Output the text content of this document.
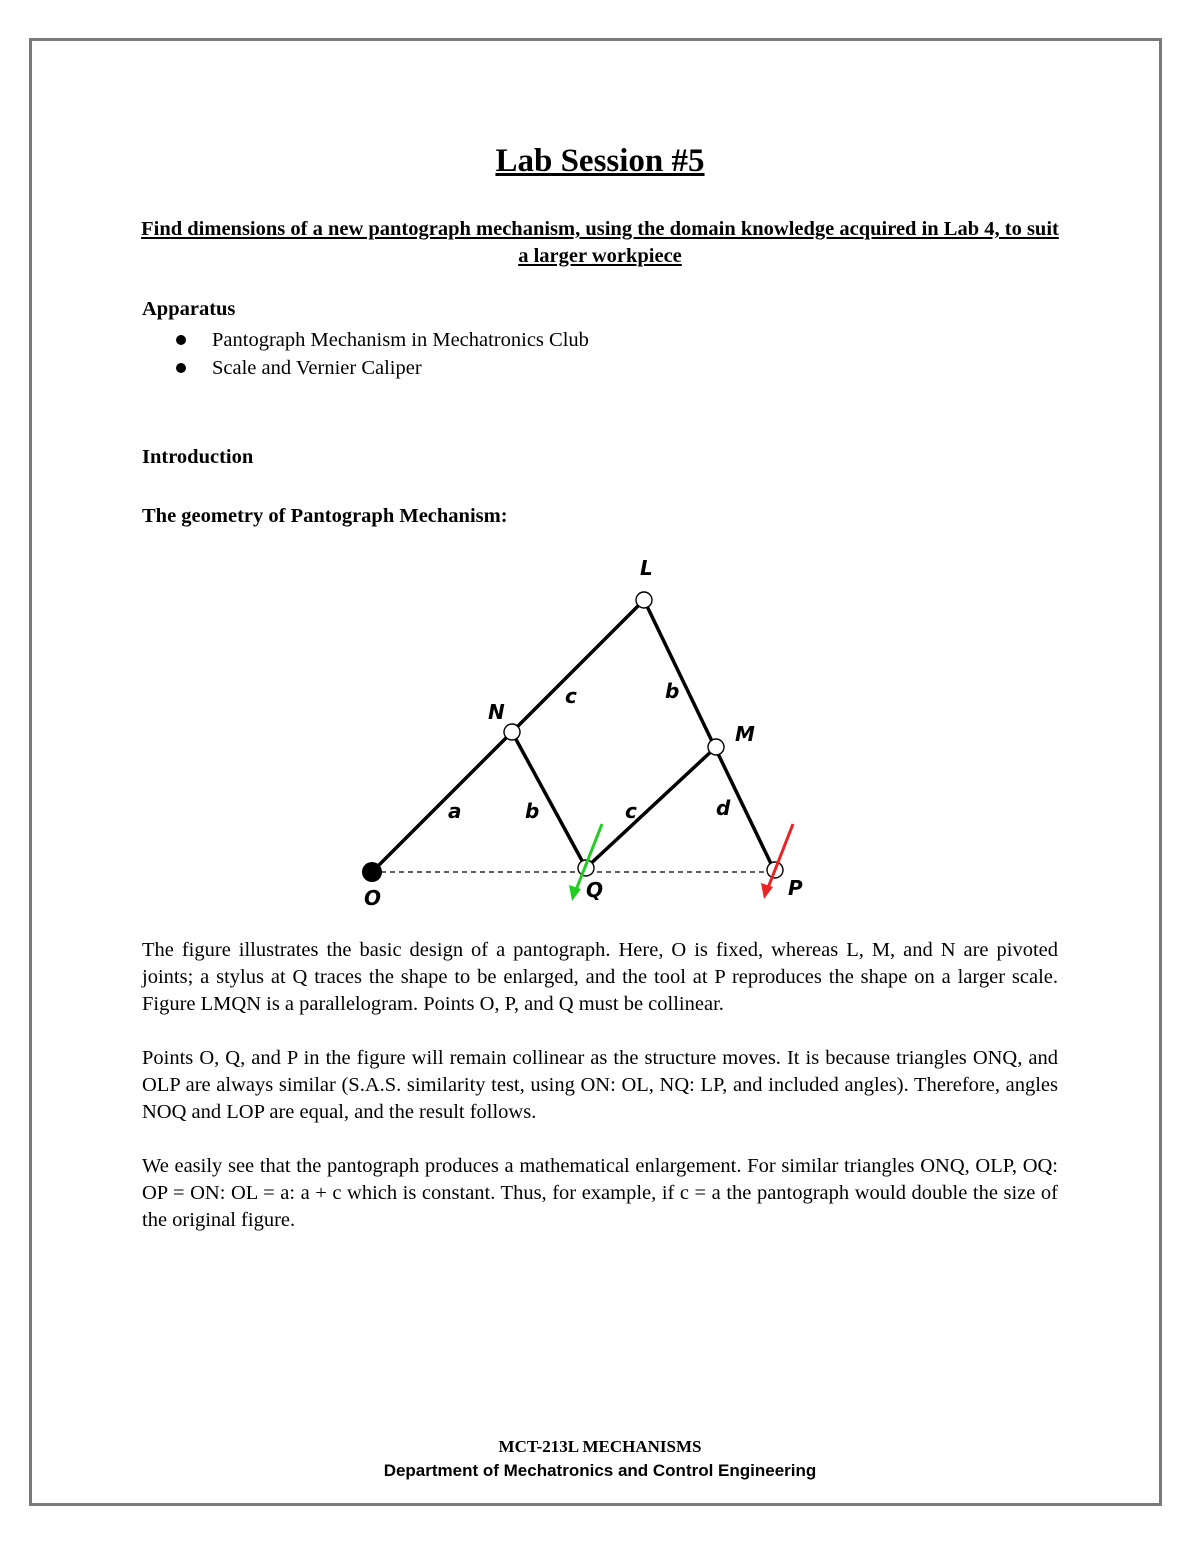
Lab Session #5

Find dimensions of a new pantograph mechanism, using the domain knowledge acquired in Lab 4, to suit a larger workpiece

Apparatus
Pantograph Mechanism in Mechatronics Club
Scale and Vernier Caliper
Introduction
The geometry of Pantograph Mechanism:
L
N
M
O	Q	P
c	b
a	b	c	d

The figure illustrates the basic design of a pantograph. Here, O is fixed, whereas L, M, and N are pivoted joints; a stylus at Q traces the shape to be enlarged, and the tool at P reproduces the shape on a larger scale. Figure LMQN is a parallelogram. Points O, P, and Q must be collinear.

Points O, Q, and P in the figure will remain collinear as the structure moves. It is because triangles ONQ, and OLP are always similar (S.A.S. similarity test, using ON: OL, NQ: LP, and included angles). Therefore, angles NOQ and LOP are equal, and the result follows.

We easily see that the pantograph produces a mathematical enlargement. For similar triangles ONQ, OLP, OQ: OP = ON: OL = a: a + c which is constant. Thus, for example, if c = a the pantograph would double the size of the original figure.

MCT-213L MECHANISMS

Department of Mechatronics and Control Engineering
